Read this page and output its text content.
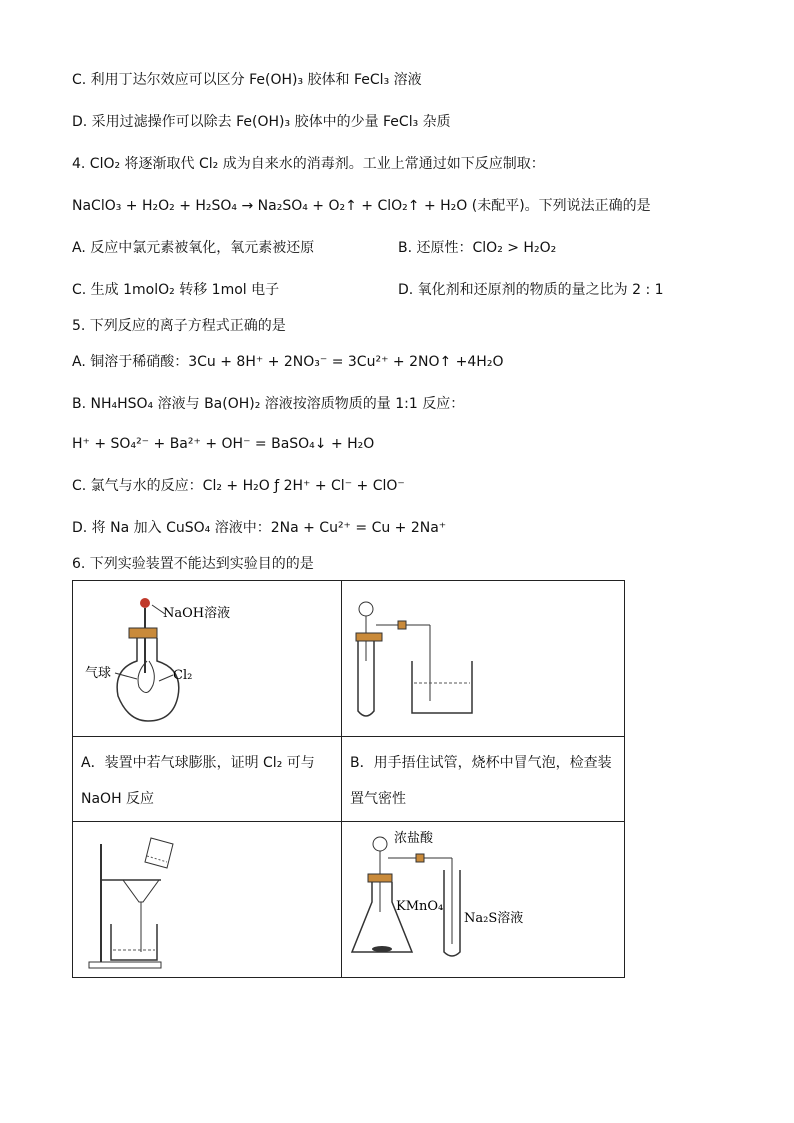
C. 利用丁达尔效应可以区分 Fe(OH)₃ 胶体和 FeCl₃ 溶液
D. 采用过滤操作可以除去 Fe(OH)₃ 胶体中的少量 FeCl₃ 杂质
4. ClO₂ 将逐渐取代 Cl₂ 成为自来水的消毒剂。工业上常通过如下反应制取：
NaClO₃ + H₂O₂ + H₂SO₄ → Na₂SO₄ + O₂↑ + ClO₂↑ + H₂O (未配平)。下列说法正确的是
A. 反应中氯元素被氧化，氧元素被还原	B. 还原性：ClO₂ > H₂O₂
C. 生成 1molO₂ 转移 1mol 电子	D. 氧化剂和还原剂的物质的量之比为 2 : 1
5. 下列反应的离子方程式正确的是
A. 铜溶于稀硝酸：3Cu + 8H⁺ + 2NO₃⁻ = 3Cu²⁺ + 2NO↑ +4H₂O
B. NH₄HSO₄ 溶液与 Ba(OH)₂ 溶液按溶质物质的量 1:1 反应：
H⁺ + SO₄²⁻ + Ba²⁺ + OH⁻ = BaSO₄↓ + H₂O
C. 氯气与水的反应：Cl₂ + H₂O ƒ 2H⁺ + Cl⁻ + ClO⁻
D. 将 Na 加入 CuSO₄ 溶液中：2Na + Cu²⁺ = Cu + 2Na⁺
6. 下列实验装置不能达到实验目的的是
NaOH溶液
气球	Cl₂
A．装置中若气球膨胀，证明 Cl₂ 可与
NaOH 反应
B．用手捂住试管，烧杯中冒气泡，检查装
置气密性
浓盐酸
KMnO₄
Na₂S溶液
